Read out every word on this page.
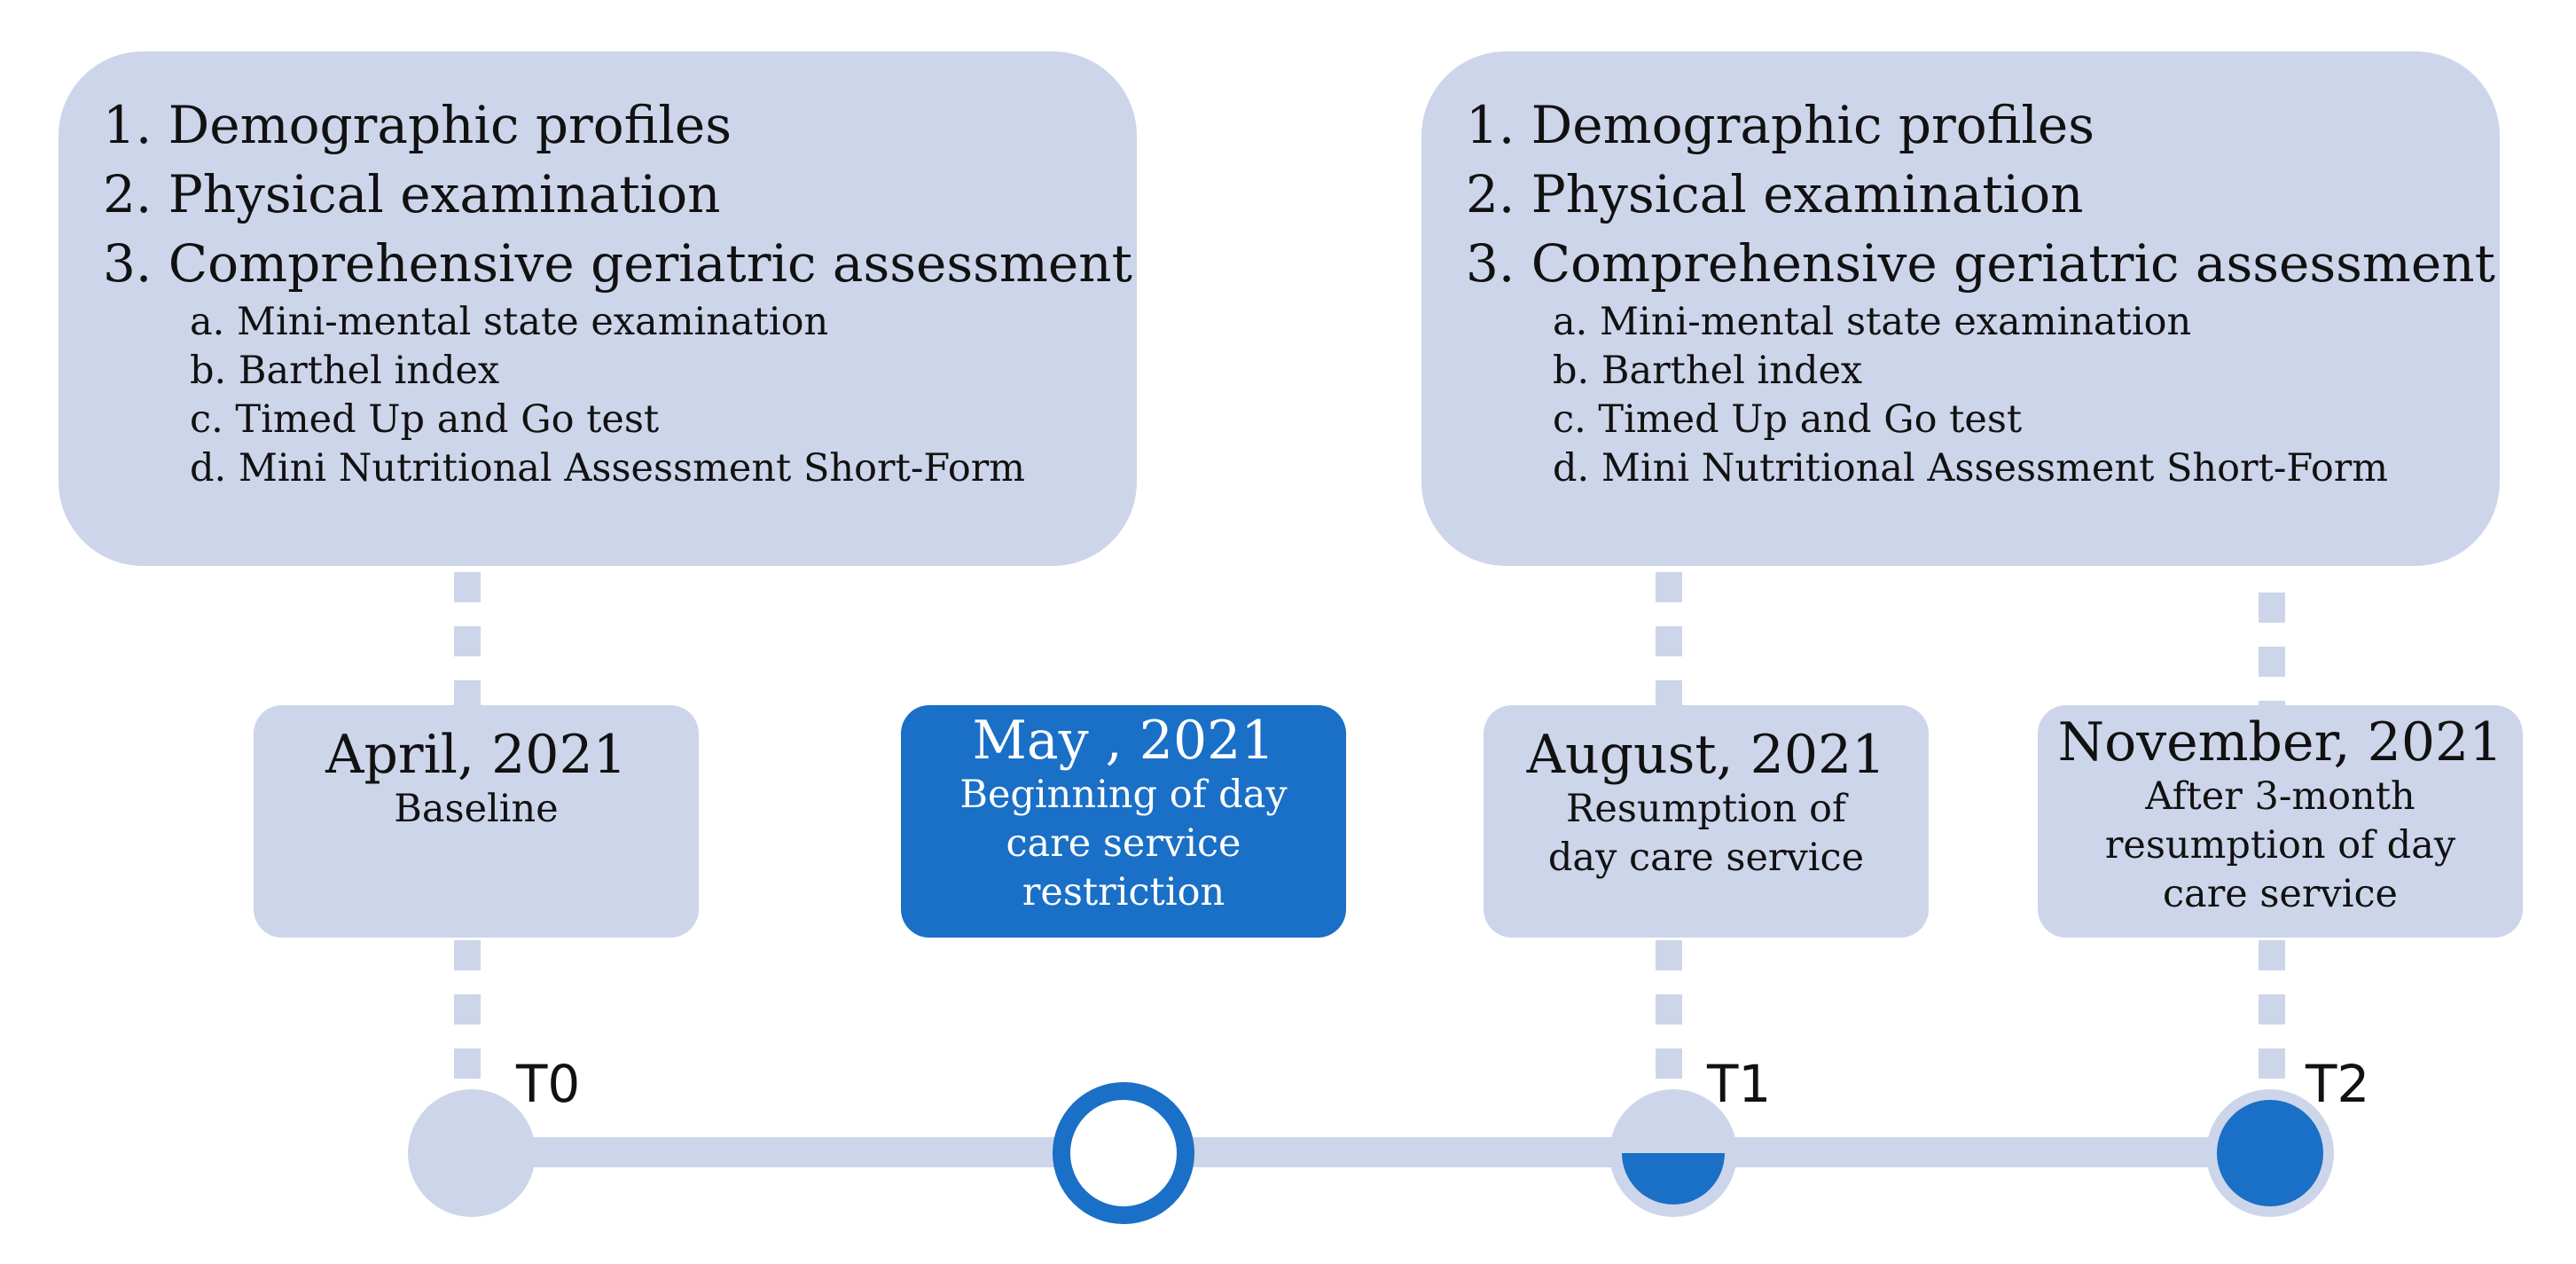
1. Demographic profiles
2. Physical examination
3. Comprehensive geriatric assessment
a. Mini-mental state examination
b. Barthel index
c. Timed Up and Go test
d. Mini Nutritional Assessment Short-Form
1. Demographic profiles
2. Physical examination
3. Comprehensive geriatric assessment
a. Mini-mental state examination
b. Barthel index
c. Timed Up and Go test
d. Mini Nutritional Assessment Short-Form
April, 2021
Baseline
May , 2021
Beginning of day care service restriction
August, 2021
Resumption of day care service
November, 2021
After 3-month resumption of day care service
T0	T1	T2
